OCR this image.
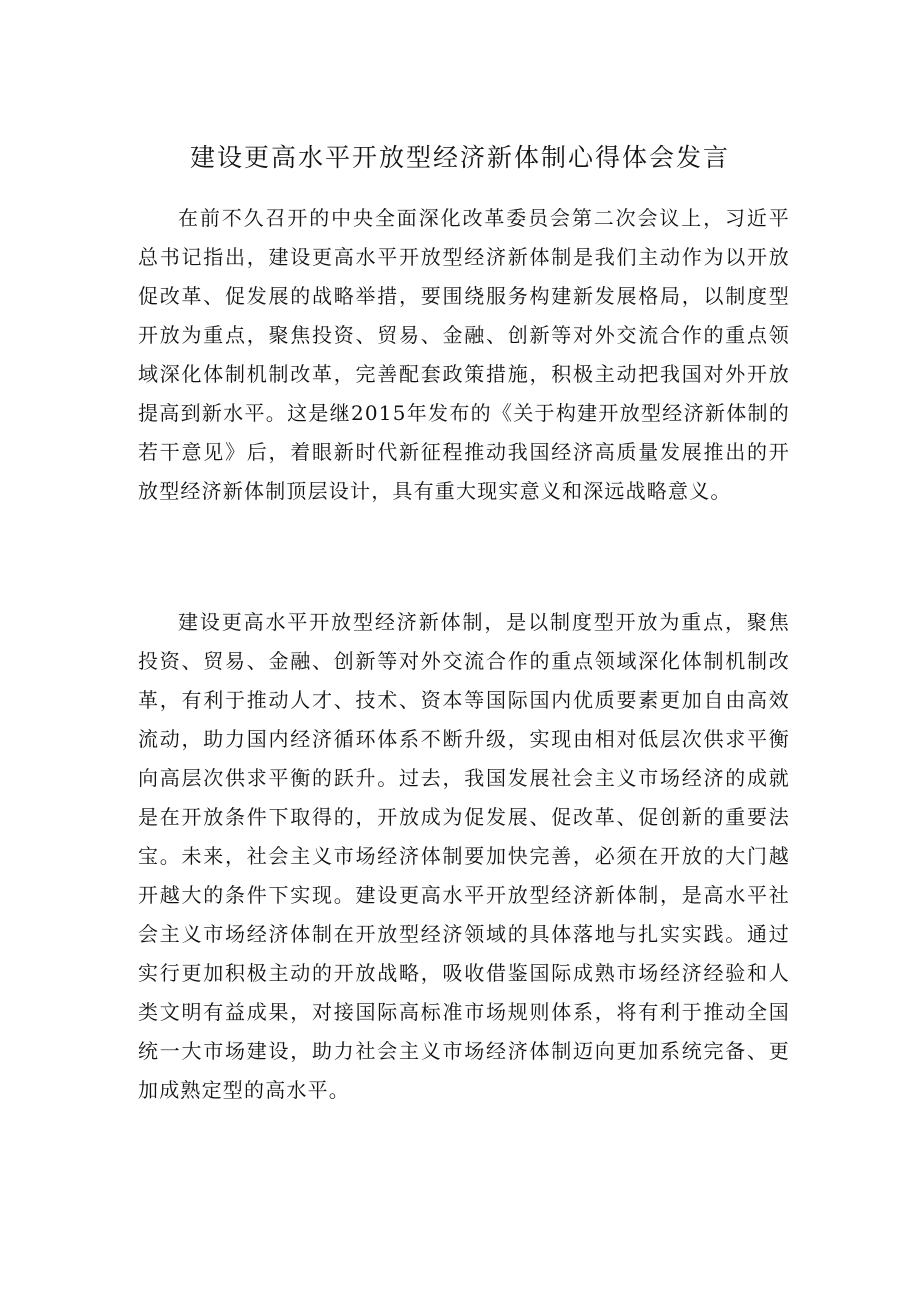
建设更高水平开放型经济新体制心得体会发言

在前不久召开的中央全面深化改革委员会第二次会议上，习近平总书记指出，建设更高水平开放型经济新体制是我们主动作为以开放促改革、促发展的战略举措，要围绕服务构建新发展格局，以制度型开放为重点，聚焦投资、贸易、金融、创新等对外交流合作的重点领域深化体制机制改革，完善配套政策措施，积极主动把我国对外开放提高到新水平。这是继2015年发布的《关于构建开放型经济新体制的若干意见》后，着眼新时代新征程推动我国经济高质量发展推出的开放型经济新体制顶层设计，具有重大现实意义和深远战略意义。

建设更高水平开放型经济新体制，是以制度型开放为重点，聚焦投资、贸易、金融、创新等对外交流合作的重点领域深化体制机制改革，有利于推动人才、技术、资本等国际国内优质要素更加自由高效流动，助力国内经济循环体系不断升级，实现由相对低层次供求平衡向高层次供求平衡的跃升。过去，我国发展社会主义市场经济的成就是在开放条件下取得的，开放成为促发展、促改革、促创新的重要法宝。未来，社会主义市场经济体制要加快完善，必须在开放的大门越开越大的条件下实现。建设更高水平开放型经济新体制，是高水平社会主义市场经济体制在开放型经济领域的具体落地与扎实实践。通过实行更加积极主动的开放战略，吸收借鉴国际成熟市场经济经验和人类文明有益成果，对接国际高标准市场规则体系，将有利于推动全国统一大市场建设，助力社会主义市场经济体制迈向更加系统完备、更加成熟定型的高水平。
